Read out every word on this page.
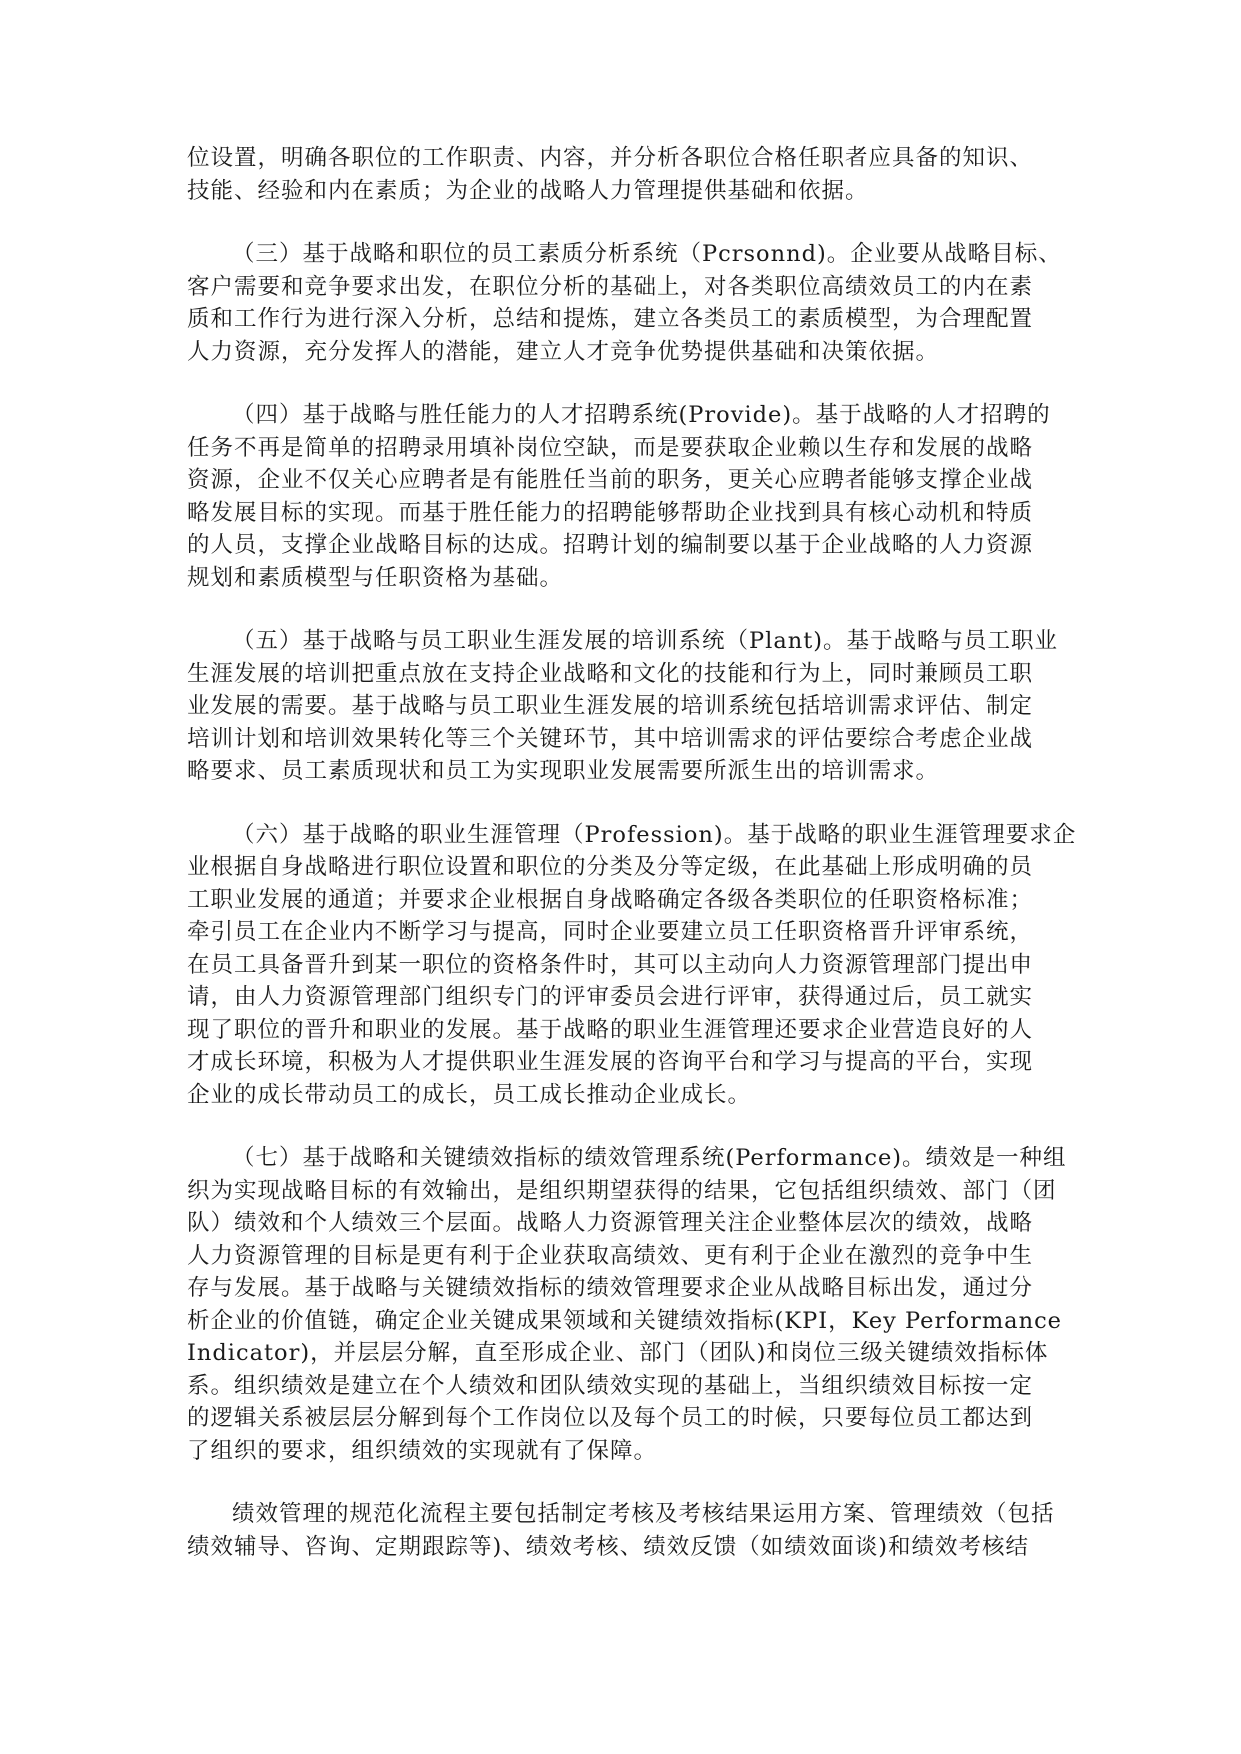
位设置，明确各职位的工作职责、内容，并分析各职位合格任职者应具备的知识、
技能、经验和内在素质；为企业的战略人力管理提供基础和依据。
（三）基于战略和职位的员工素质分析系统（Pcrsonnd)。企业要从战略目标、
客户需要和竞争要求出发，在职位分析的基础上，对各类职位高绩效员工的内在素
质和工作行为进行深入分析，总结和提炼，建立各类员工的素质模型，为合理配置
人力资源，充分发挥人的潜能，建立人才竞争优势提供基础和决策依据。
（四）基于战略与胜任能力的人才招聘系统(Provide)。基于战略的人才招聘的
任务不再是简单的招聘录用填补岗位空缺，而是要获取企业赖以生存和发展的战略
资源，企业不仅关心应聘者是有能胜任当前的职务，更关心应聘者能够支撑企业战
略发展目标的实现。而基于胜任能力的招聘能够帮助企业找到具有核心动机和特质
的人员，支撑企业战略目标的达成。招聘计划的编制要以基于企业战略的人力资源
规划和素质模型与任职资格为基础。
（五）基于战略与员工职业生涯发展的培训系统（Plant)。基于战略与员工职业
生涯发展的培训把重点放在支持企业战略和文化的技能和行为上，同时兼顾员工职
业发展的需要。基于战略与员工职业生涯发展的培训系统包括培训需求评估、制定
培训计划和培训效果转化等三个关键环节，其中培训需求的评估要综合考虑企业战
略要求、员工素质现状和员工为实现职业发展需要所派生出的培训需求。
（六）基于战略的职业生涯管理（Profession)。基于战略的职业生涯管理要求企
业根据自身战略进行职位设置和职位的分类及分等定级，在此基础上形成明确的员
工职业发展的通道；并要求企业根据自身战略确定各级各类职位的任职资格标准；
牵引员工在企业内不断学习与提高，同时企业要建立员工任职资格晋升评审系统，
在员工具备晋升到某一职位的资格条件时，其可以主动向人力资源管理部门提出申
请，由人力资源管理部门组织专门的评审委员会进行评审，获得通过后，员工就实
现了职位的晋升和职业的发展。基于战略的职业生涯管理还要求企业营造良好的人
才成长环境，积极为人才提供职业生涯发展的咨询平台和学习与提高的平台，实现
企业的成长带动员工的成长，员工成长推动企业成长。
（七）基于战略和关键绩效指标的绩效管理系统(Performance)。绩效是一种组
织为实现战略目标的有效输出，是组织期望获得的结果，它包括组织绩效、部门（团
队）绩效和个人绩效三个层面。战略人力资源管理关注企业整体层次的绩效，战略
人力资源管理的目标是更有利于企业获取高绩效、更有利于企业在激烈的竞争中生
存与发展。基于战略与关键绩效指标的绩效管理要求企业从战略目标出发，通过分
析企业的价值链，确定企业关键成果领域和关键绩效指标(KPI，Key Performance
Indicator)，并层层分解，直至形成企业、部门（团队)和岗位三级关键绩效指标体
系。组织绩效是建立在个人绩效和团队绩效实现的基础上，当组织绩效目标按一定
的逻辑关系被层层分解到每个工作岗位以及每个员工的时候，只要每位员工都达到
了组织的要求，组织绩效的实现就有了保障。
绩效管理的规范化流程主要包括制定考核及考核结果运用方案、管理绩效（包括
绩效辅导、咨询、定期跟踪等)、绩效考核、绩效反馈（如绩效面谈)和绩效考核结
